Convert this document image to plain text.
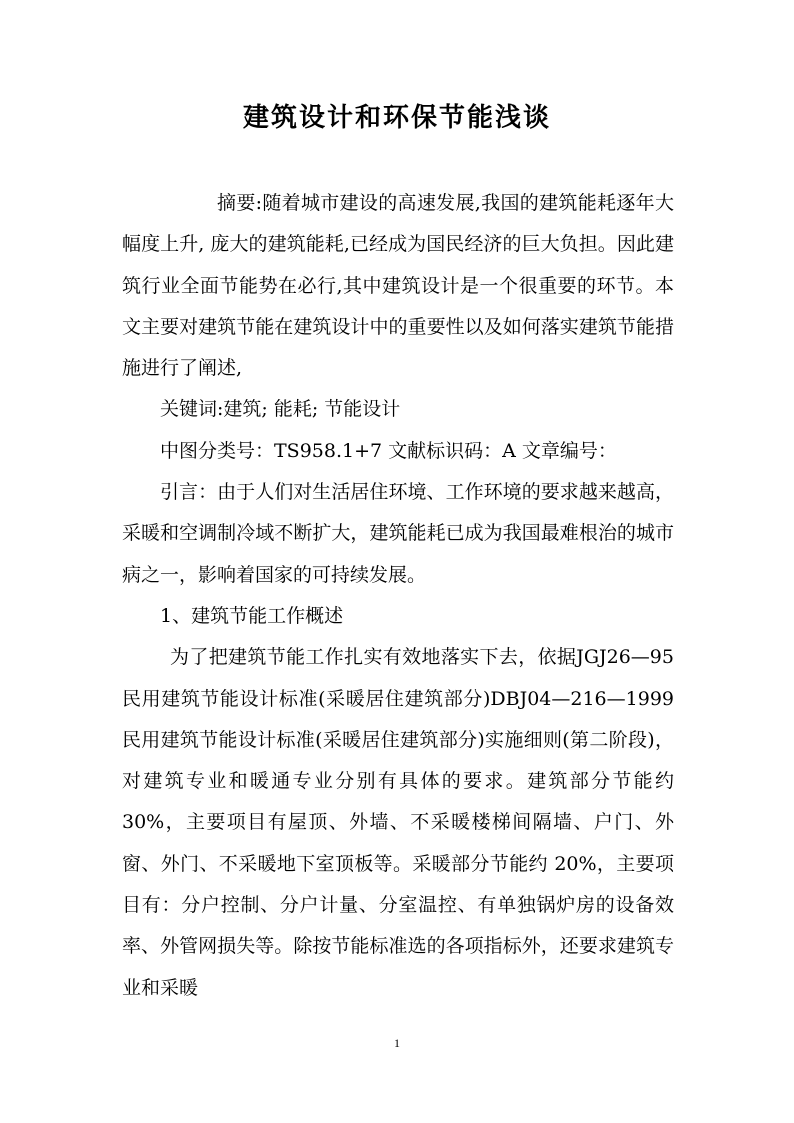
建筑设计和环保节能浅谈

摘要:随着城市建设的高速发展,我国的建筑能耗逐年大幅度上升, 庞大的建筑能耗,已经成为国民经济的巨大负担。因此建筑行业全面节能势在必行,其中建筑设计是一个很重要的环节。本文主要对建筑节能在建筑设计中的重要性以及如何落实建筑节能措施进行了阐述,

关键词:建筑; 能耗; 节能设计

中图分类号：TS958.1+7 文献标识码：A 文章编号：

引言：由于人们对生活居住环境、工作环境的要求越来越高，采暖和空调制冷域不断扩大，建筑能耗已成为我国最难根治的城市病之一，影响着国家的可持续发展。

1、建筑节能工作概述

为了把建筑节能工作扎实有效地落实下去，依据JGJ26—95 民用建筑节能设计标准(采暖居住建筑部分)DBJ04—216—1999 民用建筑节能设计标准(采暖居住建筑部分)实施细则(第二阶段)，对建筑专业和暖通专业分别有具体的要求。建筑部分节能约 30%，主要项目有屋顶、外墙、不采暖楼梯间隔墙、户门、外窗、外门、不采暖地下室顶板等。采暖部分节能约 20%，主要项目有：分户控制、分户计量、分室温控、有单独锅炉房的设备效率、外管网损失等。除按节能标准选的各项指标外，还要求建筑专业和采暖

1
